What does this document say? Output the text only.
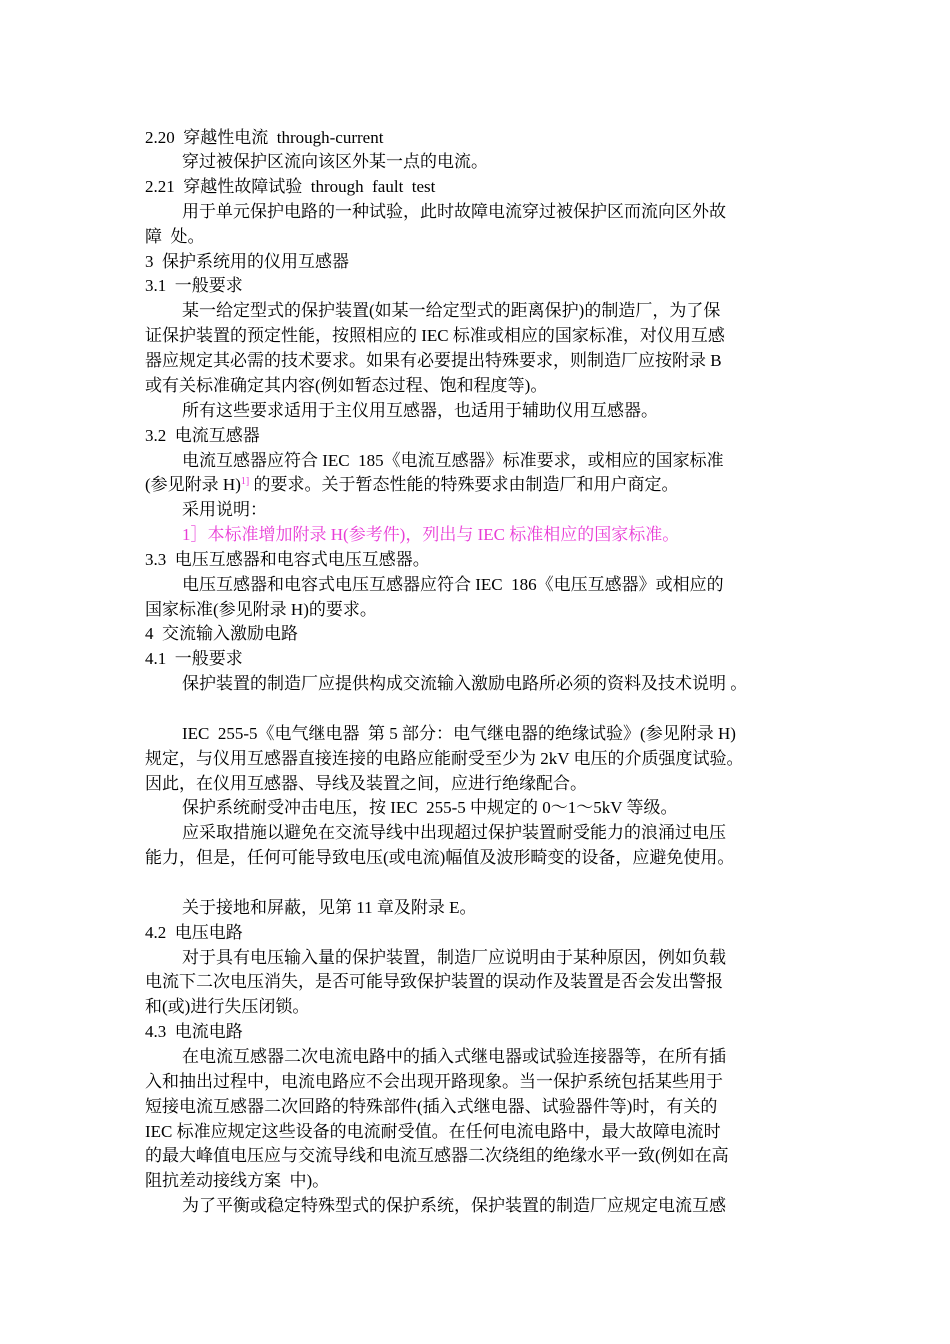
2.20  穿越性电流  through-current
穿过被保护区流向该区外某一点的电流。
2.21  穿越性故障试验  through  fault  test
用于单元保护电路的一种试验，此时故障电流穿过被保护区而流向区外故
障  处。
3  保护系统用的仪用互感器
3.1  一般要求
某一给定型式的保护装置(如某一给定型式的距离保护)的制造厂，为了保
证保护装置的预定性能，按照相应的 IEC 标准或相应的国家标准，对仪用互感
器应规定其必需的技术要求。如果有必要提出特殊要求，则制造厂应按附录 B
或有关标准确定其内容(例如暂态过程、饱和程度等)。
所有这些要求适用于主仪用互感器，也适用于辅助仪用互感器。
3.2  电流互感器
电流互感器应符合 IEC  185《电流互感器》标准要求，或相应的国家标准
(参见附录 H)$^{1]}$ 的要求。关于暂态性能的特殊要求由制造厂和用户商定。
采用说明：
1］本标准增加附录 H(参考件)，列出与 IEC 标准相应的国家标准。
3.3  电压互感器和电容式电压互感器。
电压互感器和电容式电压互感器应符合 IEC  186《电压互感器》或相应的
国家标准(参见附录 H)的要求。
4  交流输入激励电路
4.1  一般要求
保护装置的制造厂应提供构成交流输入激励电路所必须的资料及技术说明 。
IEC  255-5《电气继电器  第 5 部分：电气继电器的绝缘试验》(参见附录 H)
规定，与仪用互感器直接连接的电路应能耐受至少为 2kV 电压的介质强度试验。
因此，在仪用互感器、导线及装置之间，应进行绝缘配合。
保护系统耐受冲击电压，按 IEC  255-5 中规定的 0～1～5kV 等级。
应采取措施以避免在交流导线中出现超过保护装置耐受能力的浪涌过电压
能力，但是，任何可能导致电压(或电流)幅值及波形畸变的设备，应避免使用。
关于接地和屏蔽，见第 11 章及附录 E。
4.2  电压电路
对于具有电压输入量的保护装置，制造厂应说明由于某种原因，例如负载
电流下二次电压消失，是否可能导致保护装置的误动作及装置是否会发出警报
和(或)进行失压闭锁。
4.3  电流电路
在电流互感器二次电流电路中的插入式继电器或试验连接器等，在所有插
入和抽出过程中，电流电路应不会出现开路现象。当一保护系统包括某些用于
短接电流互感器二次回路的特殊部件(插入式继电器、试验器件等)时，有关的
IEC 标准应规定这些设备的电流耐受值。在任何电流电路中，最大故障电流时
的最大峰值电压应与交流导线和电流互感器二次绕组的绝缘水平一致(例如在高
阻抗差动接线方案  中)。
为了平衡或稳定特殊型式的保护系统，保护装置的制造厂应规定电流互感
